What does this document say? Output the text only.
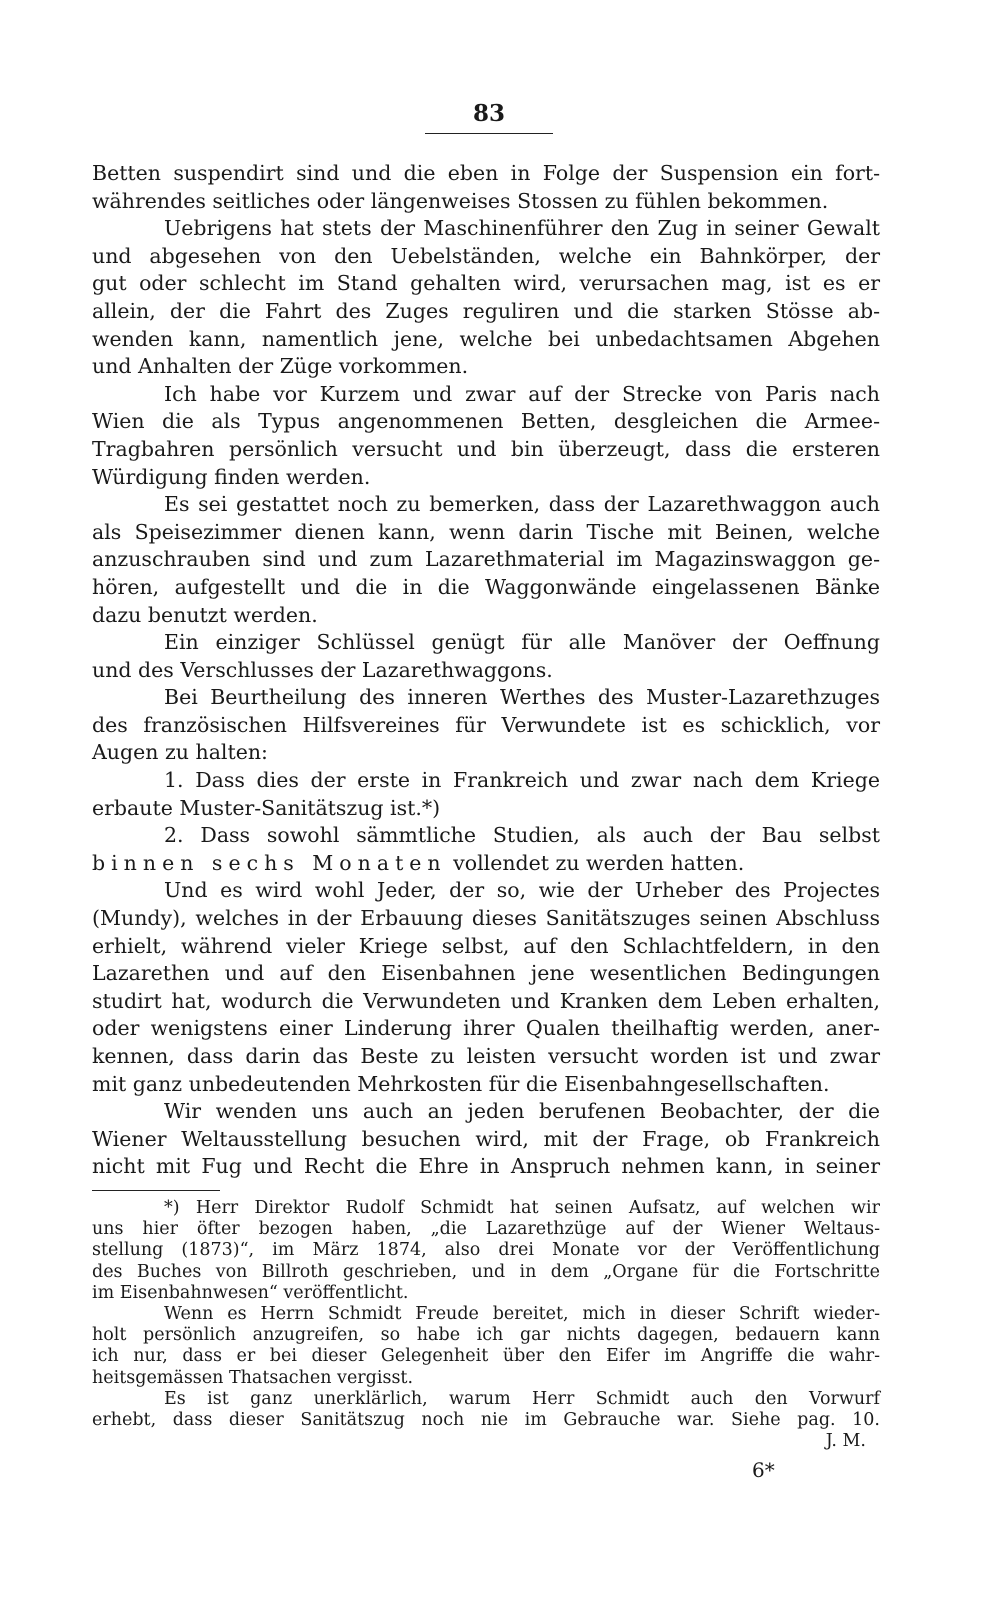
83
Betten suspendirt sind und die eben in Folge der Suspension ein fort-
währendes seitliches oder längenweises Stossen zu fühlen bekommen.
Uebrigens hat stets der Maschinenführer den Zug in seiner Gewalt
und abgesehen von den Uebelständen, welche ein Bahnkörper, der
gut oder schlecht im Stand gehalten wird, verursachen mag, ist es er
allein, der die Fahrt des Zuges reguliren und die starken Stösse ab-
wenden kann, namentlich jene, welche bei unbedachtsamen Abgehen
und Anhalten der Züge vorkommen.
Ich habe vor Kurzem und zwar auf der Strecke von Paris nach
Wien die als Typus angenommenen Betten, desgleichen die Armee-
Tragbahren persönlich versucht und bin überzeugt, dass die ersteren
Würdigung finden werden.
Es sei gestattet noch zu bemerken, dass der Lazarethwaggon auch
als Speisezimmer dienen kann, wenn darin Tische mit Beinen, welche
anzuschrauben sind und zum Lazarethmaterial im Magazinswaggon ge-
hören, aufgestellt und die in die Waggonwände eingelassenen Bänke
dazu benutzt werden.
Ein einziger Schlüssel genügt für alle Manöver der Oeffnung
und des Verschlusses der Lazarethwaggons.
Bei Beurtheilung des inneren Werthes des Muster-Lazarethzuges
des französischen Hilfsvereines für Verwundete ist es schicklich, vor
Augen zu halten:
1. Dass dies der erste in Frankreich und zwar nach dem Kriege
erbaute Muster-Sanitätszug ist.*)
2. Dass sowohl sämmtliche Studien, als auch der Bau selbst
binnen sechs Monaten vollendet zu werden hatten.
Und es wird wohl Jeder, der so, wie der Urheber des Projectes
(Mundy), welches in der Erbauung dieses Sanitätszuges seinen Abschluss
erhielt, während vieler Kriege selbst, auf den Schlachtfeldern, in den
Lazarethen und auf den Eisenbahnen jene wesentlichen Bedingungen
studirt hat, wodurch die Verwundeten und Kranken dem Leben erhalten,
oder wenigstens einer Linderung ihrer Qualen theilhaftig werden, aner-
kennen, dass darin das Beste zu leisten versucht worden ist und zwar
mit ganz unbedeutenden Mehrkosten für die Eisenbahngesellschaften.
Wir wenden uns auch an jeden berufenen Beobachter, der die
Wiener Weltausstellung besuchen wird, mit der Frage, ob Frankreich
nicht mit Fug und Recht die Ehre in Anspruch nehmen kann, in seiner
*) Herr Direktor Rudolf Schmidt hat seinen Aufsatz, auf welchen wir
uns hier öfter bezogen haben, „die Lazarethzüge auf der Wiener Weltaus-
stellung (1873)“, im März 1874, also drei Monate vor der Veröffentlichung
des Buches von Billroth geschrieben, und in dem „Organe für die Fortschritte
im Eisenbahnwesen“ veröffentlicht.
Wenn es Herrn Schmidt Freude bereitet, mich in dieser Schrift wieder-
holt persönlich anzugreifen, so habe ich gar nichts dagegen, bedauern kann
ich nur, dass er bei dieser Gelegenheit über den Eifer im Angriffe die wahr-
heitsgemässen Thatsachen vergisst.
Es ist ganz unerklärlich, warum Herr Schmidt auch den Vorwurf
erhebt, dass dieser Sanitätszug noch nie im Gebrauche war. Siehe pag. 10.
J. M.
6*
